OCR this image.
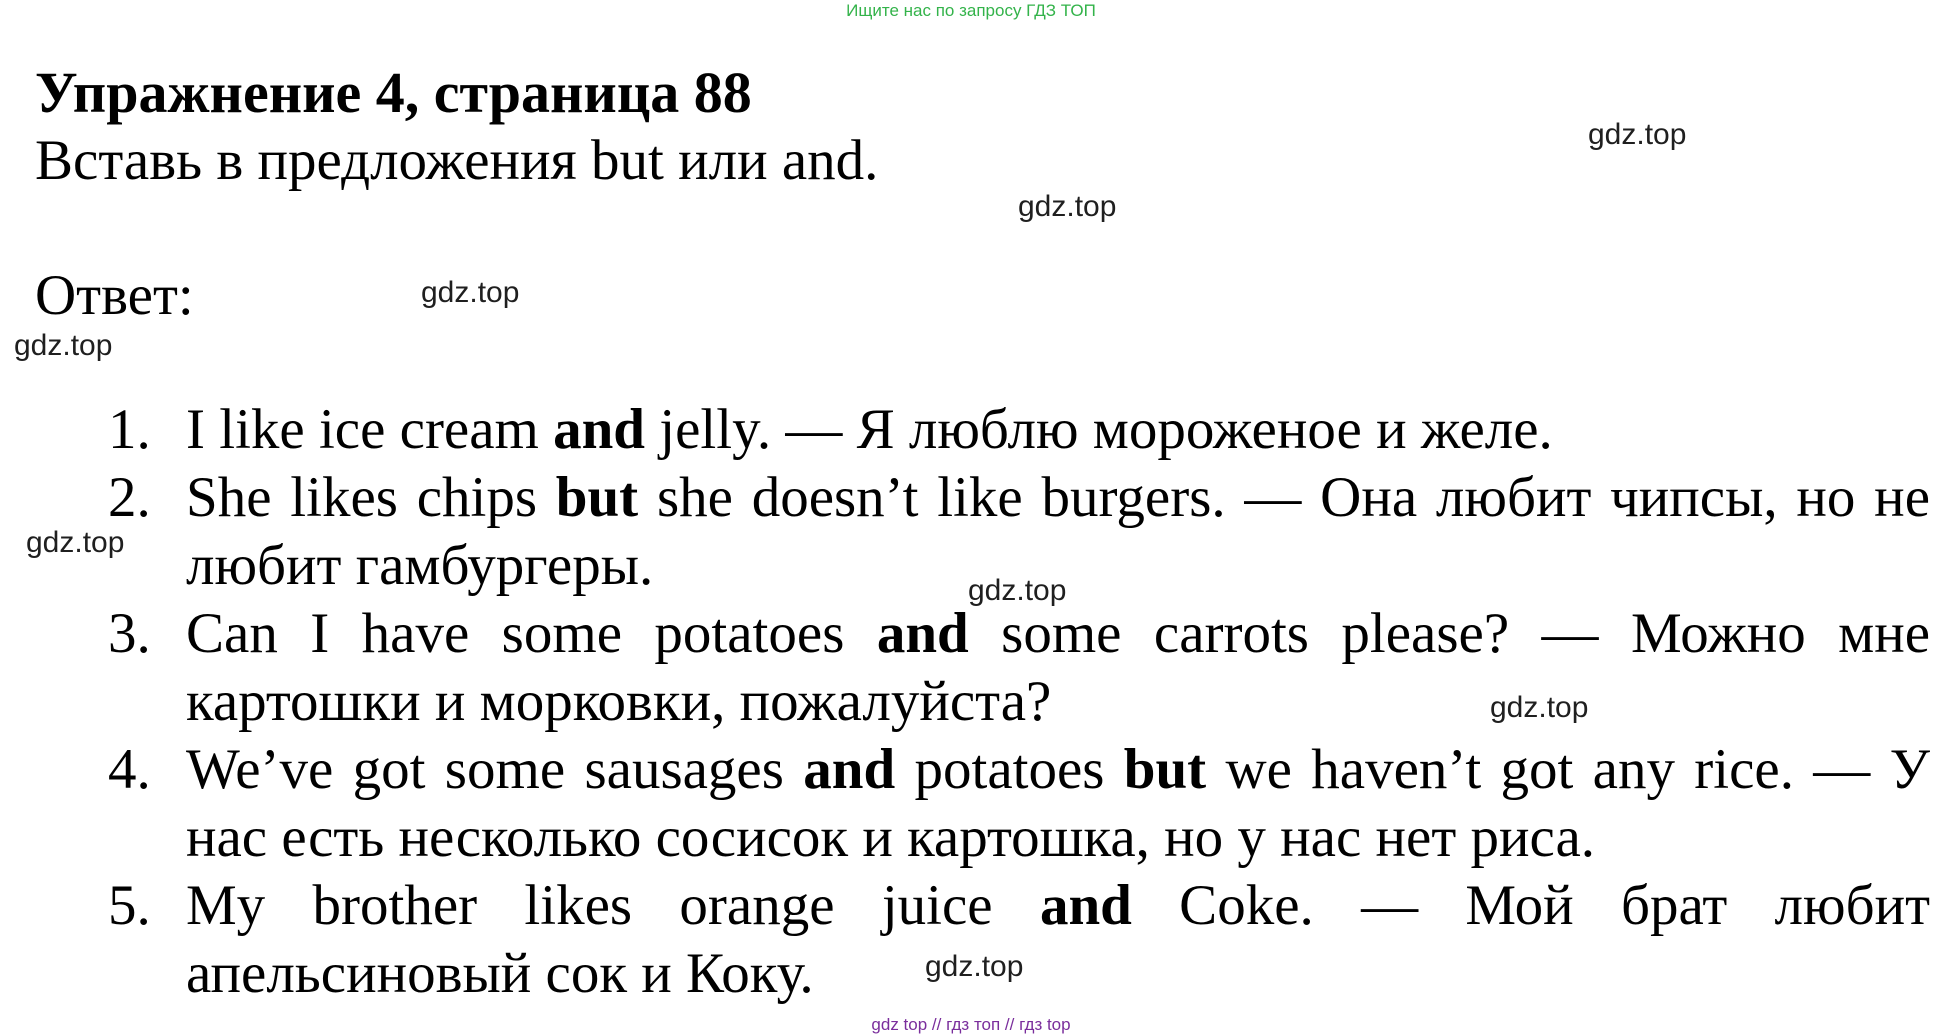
Ищите нас по запросу ГДЗ ТОП
Упражнение 4, страница 88
Вставь в предложения but или and.
Ответ:
1. I like ice cream and jelly. — Я люблю мороженое и желе.
2. She likes chips but she doesn’t like burgers. — Она любит чипсы, но не любит гамбургеры.
3. Can I have some potatoes and some carrots please? — Можно мне картошки и морковки, пожалуйста?
4. We’ve got some sausages and potatoes but we haven’t got any rice. — У нас есть несколько сосисок и картошка, но у нас нет риса.
5. My brother likes orange juice and Coke. — Мой брат любит апельсиновый сок и Коку.
gdz.top
gdz.top
gdz.top
gdz.top
gdz.top
gdz.top
gdz.top
gdz.top
gdz top // гдз топ // гдз top
